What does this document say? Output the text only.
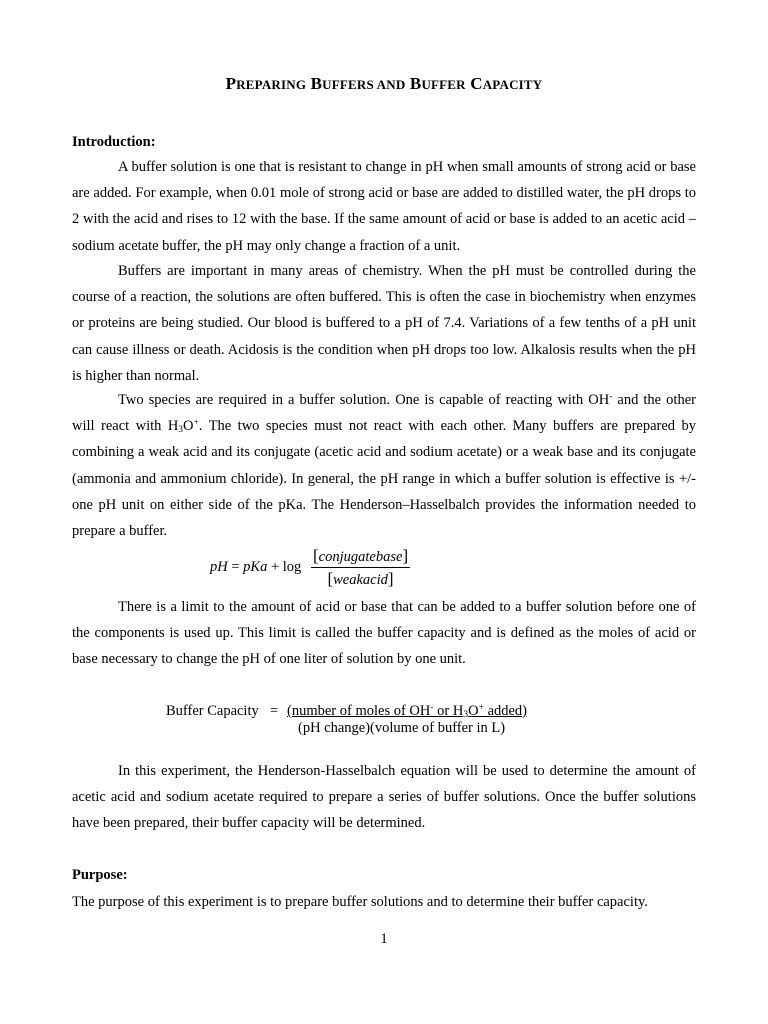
PREPARING BUFFERS AND BUFFER CAPACITY
Introduction:

A buffer solution is one that is resistant to change in pH when small amounts of strong acid or base are added. For example, when 0.01 mole of strong acid or base are added to distilled water, the pH drops to 2 with the acid and rises to 12 with the base. If the same amount of acid or base is added to an acetic acid – sodium acetate buffer, the pH may only change a fraction of a unit.

Buffers are important in many areas of chemistry. When the pH must be controlled during the course of a reaction, the solutions are often buffered. This is often the case in biochemistry when enzymes or proteins are being studied. Our blood is buffered to a pH of 7.4. Variations of a few tenths of a pH unit can cause illness or death. Acidosis is the condition when pH drops too low. Alkalosis results when the pH is higher than normal.

Two species are required in a buffer solution. One is capable of reacting with OH- and the other will react with $H_3O^+$. The two species must not react with each other. Many buffers are prepared by combining a weak acid and its conjugate (acetic acid and sodium acetate) or a weak base and its conjugate (ammonia and ammonium chloride). In general, the pH range in which a buffer solution is effective is +/- one pH unit on either side of the pKa. The Henderson–Hasselbalch provides the information needed to prepare a buffer.

pH = pKa + log
[conjugatebase]
[weakacid]

There is a limit to the amount of acid or base that can be added to a buffer solution before one of the components is used up. This limit is called the buffer capacity and is defined as the moles of acid or base necessary to change the pH of one liter of solution by one unit.

Buffer Capacity = (number of moles of OH- or $H_3O^+$ added)
(pH change)(volume of buffer in L)

In this experiment, the Henderson-Hasselbalch equation will be used to determine the amount of acetic acid and sodium acetate required to prepare a series of buffer solutions. Once the buffer solutions have been prepared, their buffer capacity will be determined.

Purpose:

The purpose of this experiment is to prepare buffer solutions and to determine their buffer capacity.

1
